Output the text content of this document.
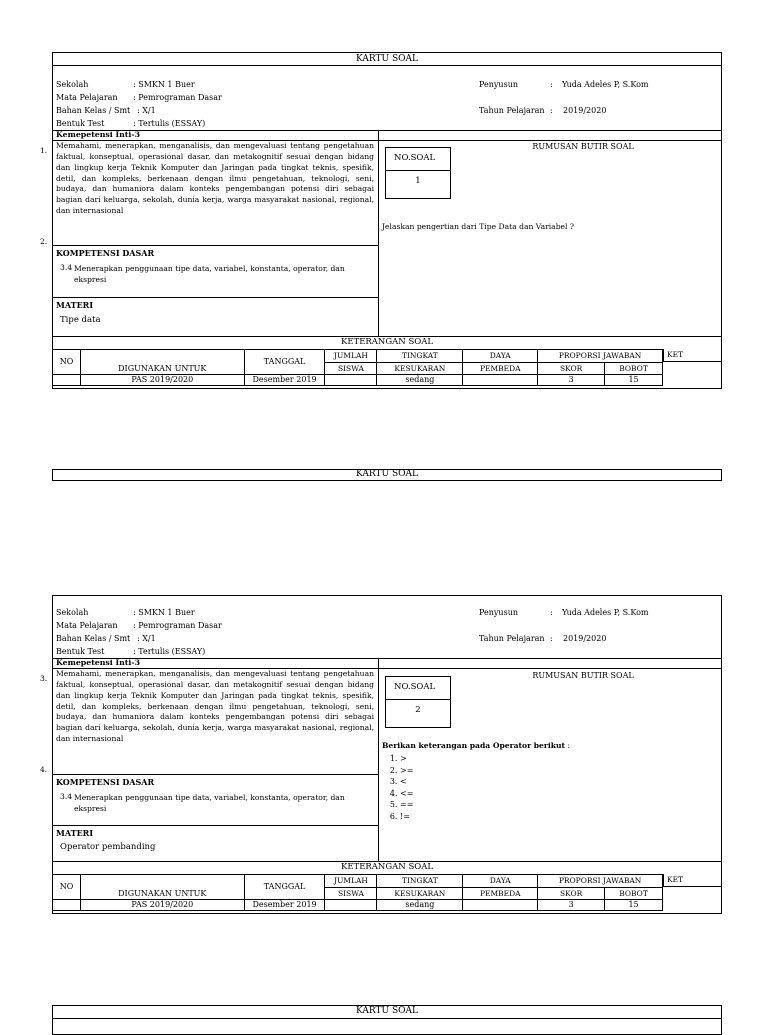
KARTU SOAL
Sekolah	: SMKN 1 Buer
Mata Pelajaran : Pemrograman Dasar
Bahan Kelas / Smt : X/1
Bentuk Test	: Tertulis (ESSAY)
Penyusun	: Yuda Adeles P, S.Kom
Tahun Pelajaran : 2019/2020
Kemepetensi Inti-3
Memahami, menerapkan, menganalisis, dan mengevaluasi tentang pengetahuan faktual, konseptual, operasional dasar, dan metakognitif sesuai dengan bidang dan lingkup kerja Teknik Komputer dan Jaringan pada tingkat teknis, spesifik, detil, dan kompleks, berkenaan dengan ilmu pengetahuan, teknologi, seni, budaya, dan humaniora dalam konteks pengembangan potensi diri sebagai bagian dari keluarga, sekolah, dunia kerja, warga masyarakat nasional, regional, dan internasional
KOMPETENSI DASAR
3.4 Menerapkan penggunaan tipe data, variabel, konstanta, operator, dan ekspresi
MATERI
Tipe data
RUMUSAN BUTIR SOAL
NO.SOAL
1
Jelaskan pengertian dari Tipe Data dan Variabel ?
KETERANGAN SOAL
NO	DIGUNAKAN UNTUK	TANGGAL	JUMLAH	TINGKAT	DAYA	PROPORSI JAWABAN	
			SISWA	KESUKARAN	PEMBEDA	SKOR	BOBOT
	PAS 2019/2020	Desember 2019		sedang		3	15
KET
1.
2.
KARTU SOAL
Sekolah	: SMKN 1 Buer
Mata Pelajaran : Pemrograman Dasar
Bahan Kelas / Smt : X/1
Bentuk Test	: Tertulis (ESSAY)
Penyusun	: Yuda Adeles P, S.Kom
Tahun Pelajaran : 2019/2020
Kemepetensi Inti-3
Memahami, menerapkan, menganalisis, dan mengevaluasi tentang pengetahuan faktual, konseptual, operasional dasar, dan metakognitif sesuai dengan bidang dan lingkup kerja Teknik Komputer dan Jaringan pada tingkat teknis, spesifik, detil, dan kompleks, berkenaan dengan ilmu pengetahuan, teknologi, seni, budaya, dan humaniora dalam konteks pengembangan potensi diri sebagai bagian dari keluarga, sekolah, dunia kerja, warga masyarakat nasional, regional, dan internasional
KOMPETENSI DASAR
3.4 Menerapkan penggunaan tipe data, variabel, konstanta, operator, dan ekspresi
MATERI
Operator pembanding
RUMUSAN BUTIR SOAL
NO.SOAL
2
Berikan keterangan pada Operator berikut :
1. >
2. >=
3. <
4. <=
5. ==
6. !=
KETERANGAN SOAL
NO	DIGUNAKAN UNTUK	TANGGAL	JUMLAH	TINGKAT	DAYA	PROPORSI JAWABAN	
			SISWA	KESUKARAN	PEMBEDA	SKOR	BOBOT
	PAS 2019/2020	Desember 2019		sedang		3	15
KET
3.
4.
KARTU SOAL
